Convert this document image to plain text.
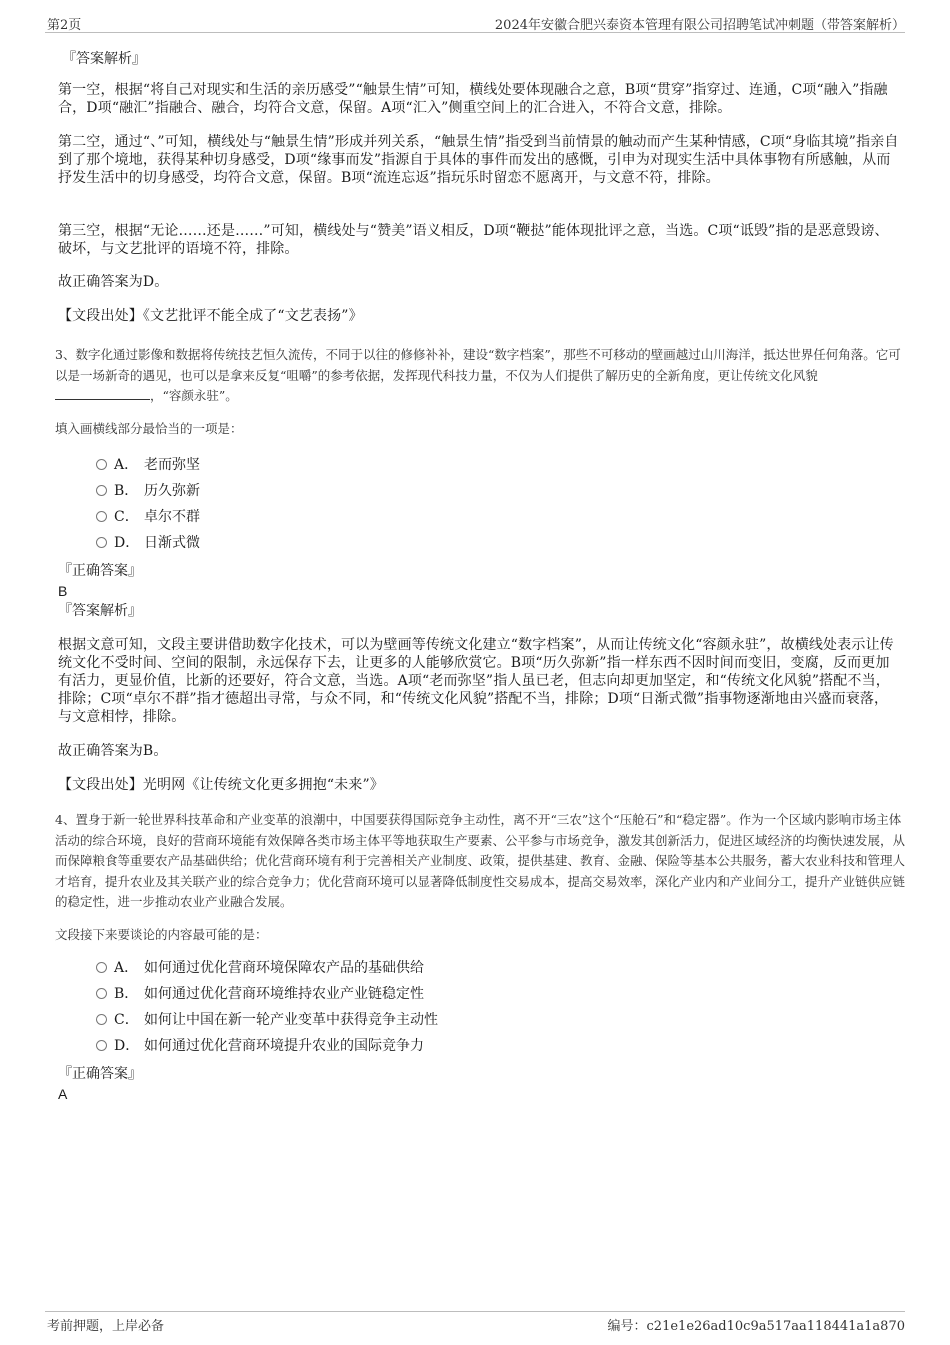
第2页	2024年安徽合肥兴泰资本管理有限公司招聘笔试冲刺题（带答案解析）
『答案解析』

第一空，根据“将自己对现实和生活的亲历感受”“触景生情”可知，横线处要体现融合之意，B项“贯穿”指穿过、连通，C项“融入”指融合，D项“融汇”指融合、融合，均符合文意，保留。A项“汇入”侧重空间上的汇合进入，不符合文意，排除。

第二空，通过“、”可知，横线处与“触景生情”形成并列关系，“触景生情”指受到当前情景的触动而产生某种情感，C项“身临其境”指亲自到了那个境地，获得某种切身感受，D项“缘事而发”指源自于具体的事件而发出的感慨，引申为对现实生活中具体事物有所感触，从而抒发生活中的切身感受，均符合文意，保留。B项“流连忘返”指玩乐时留恋不愿离开，与文意不符，排除。

第三空，根据“无论……还是……”可知，横线处与“赞美”语义相反，D项“鞭挞”能体现批评之意，当选。C项“诋毁”指的是恶意毁谤、破坏，与文艺批评的语境不符，排除。

故正确答案为D。

【文段出处】《文艺批评不能全成了“文艺表扬”》

3、数字化通过影像和数据将传统技艺恒久流传，不同于以往的修修补补，建设“数字档案”，那些不可移动的壁画越过山川海洋，抵达世界任何角落。它可以是一场新奇的遇见，也可以是拿来反复“咀嚼”的参考依据，发挥现代科技力量，不仅为人们提供了解历史的全新角度，更让传统文化风貌 ，“容颜永驻”。

填入画横线部分最恰当的一项是：

A． 老而弥坚
B． 历久弥新
C． 卓尔不群
D． 日渐式微
『正确答案』
B
『答案解析』

根据文意可知，文段主要讲借助数字化技术，可以为壁画等传统文化建立“数字档案”，从而让传统文化“容颜永驻”，故横线处表示让传统文化不受时间、空间的限制，永远保存下去，让更多的人能够欣赏它。B项“历久弥新”指一样东西不因时间而变旧，变腐，反而更加有活力，更显价值，比新的还要好，符合文意，当选。A项“老而弥坚”指人虽已老，但志向却更加坚定，和“传统文化风貌”搭配不当，排除；C项“卓尔不群”指才德超出寻常，与众不同，和“传统文化风貌”搭配不当，排除；D项“日渐式微”指事物逐渐地由兴盛而衰落，与文意相悖，排除。

故正确答案为B。

【文段出处】光明网《让传统文化更多拥抱“未来”》

4、置身于新一轮世界科技革命和产业变革的浪潮中，中国要获得国际竞争主动性，离不开“三农”这个“压舱石”和“稳定器”。作为一个区域内影响市场主体活动的综合环境，良好的营商环境能有效保障各类市场主体平等地获取生产要素、公平参与市场竞争，激发其创新活力，促进区域经济的均衡快速发展，从而保障粮食等重要农产品基础供给；优化营商环境有利于完善相关产业制度、政策，提供基建、教育、金融、保险等基本公共服务，蓄大农业科技和管理人才培育，提升农业及其关联产业的综合竞争力；优化营商环境可以显著降低制度性交易成本，提高交易效率，深化产业内和产业间分工，提升产业链供应链的稳定性，进一步推动农业产业融合发展。

文段接下来要谈论的内容最可能的是：

A． 如何通过优化营商环境保障农产品的基础供给
B． 如何通过优化营商环境维持农业产业链稳定性
C． 如何让中国在新一轮产业变革中获得竞争主动性
D． 如何通过优化营商环境提升农业的国际竞争力
『正确答案』
A
考前押题，上岸必备	编号：c21e1e26ad10c9a517aa118441a1a870
